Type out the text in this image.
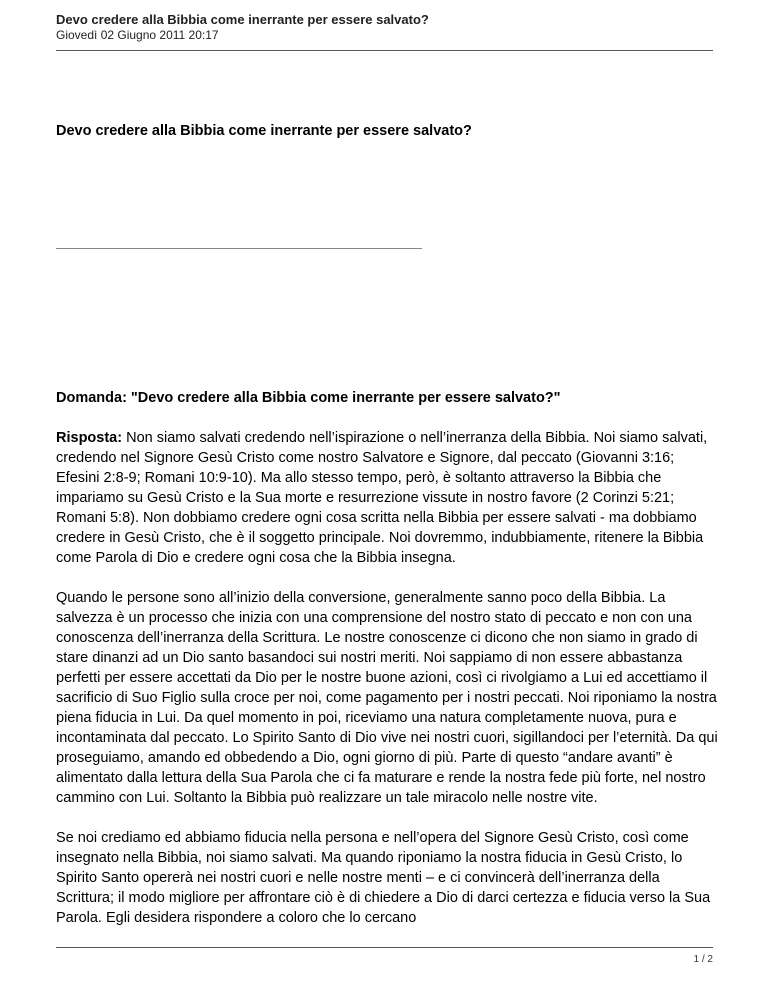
Devo credere alla Bibbia come inerrante per essere salvato?
Giovedì 02 Giugno 2011 20:17
Devo credere alla Bibbia come inerrante per essere salvato?

Domanda: "Devo credere alla Bibbia come inerrante per essere salvato?"

Risposta: Non siamo salvati credendo nell’ispirazione o nell’inerranza della Bibbia. Noi siamo salvati, credendo nel Signore Gesù Cristo come nostro Salvatore e Signore, dal peccato (Giovanni 3:16; Efesini 2:8-9; Romani 10:9-10). Ma allo stesso tempo, però, è soltanto attraverso la Bibbia che impariamo su Gesù Cristo e la Sua morte e resurrezione vissute in nostro favore (2 Corinzi 5:21; Romani 5:8). Non dobbiamo credere ogni cosa scritta nella Bibbia per essere salvati - ma dobbiamo credere in Gesù Cristo, che è il soggetto principale. Noi dovremmo, indubbiamente, ritenere la Bibbia come Parola di Dio e credere ogni cosa che la Bibbia insegna.

Quando le persone sono all’inizio della conversione, generalmente sanno poco della Bibbia. La salvezza è un processo che inizia con una comprensione del nostro stato di peccato e non con una conoscenza dell’inerranza della Scrittura. Le nostre conoscenze ci dicono che non siamo in grado di stare dinanzi ad un Dio santo basandoci sui nostri meriti. Noi sappiamo di non essere abbastanza perfetti per essere accettati da Dio per le nostre buone azioni, così ci rivolgiamo a Lui ed accettiamo il sacrificio di Suo Figlio sulla croce per noi, come pagamento per i nostri peccati. Noi riponiamo la nostra piena fiducia in Lui. Da quel momento in poi, riceviamo una natura completamente nuova, pura e incontaminata dal peccato. Lo Spirito Santo di Dio vive nei nostri cuori, sigillandoci per l’eternità. Da qui proseguiamo, amando ed obbedendo a Dio, ogni giorno di più. Parte di questo “andare avanti” è alimentato dalla lettura della Sua Parola che ci fa maturare e rende la nostra fede più forte, nel nostro cammino con Lui. Soltanto la Bibbia può realizzare un tale miracolo nelle nostre vite.

Se noi crediamo ed abbiamo fiducia nella persona e nell’opera del Signore Gesù Cristo, così come insegnato nella Bibbia, noi siamo salvati. Ma quando riponiamo la nostra fiducia in Gesù Cristo, lo Spirito Santo opererà nei nostri cuori e nelle nostre menti – e ci convincerà dell’inerranza della Scrittura; il modo migliore per affrontare ciò è di chiedere a Dio di darci certezza e fiducia verso la Sua Parola. Egli desidera rispondere a coloro che lo cercano

1 / 2
